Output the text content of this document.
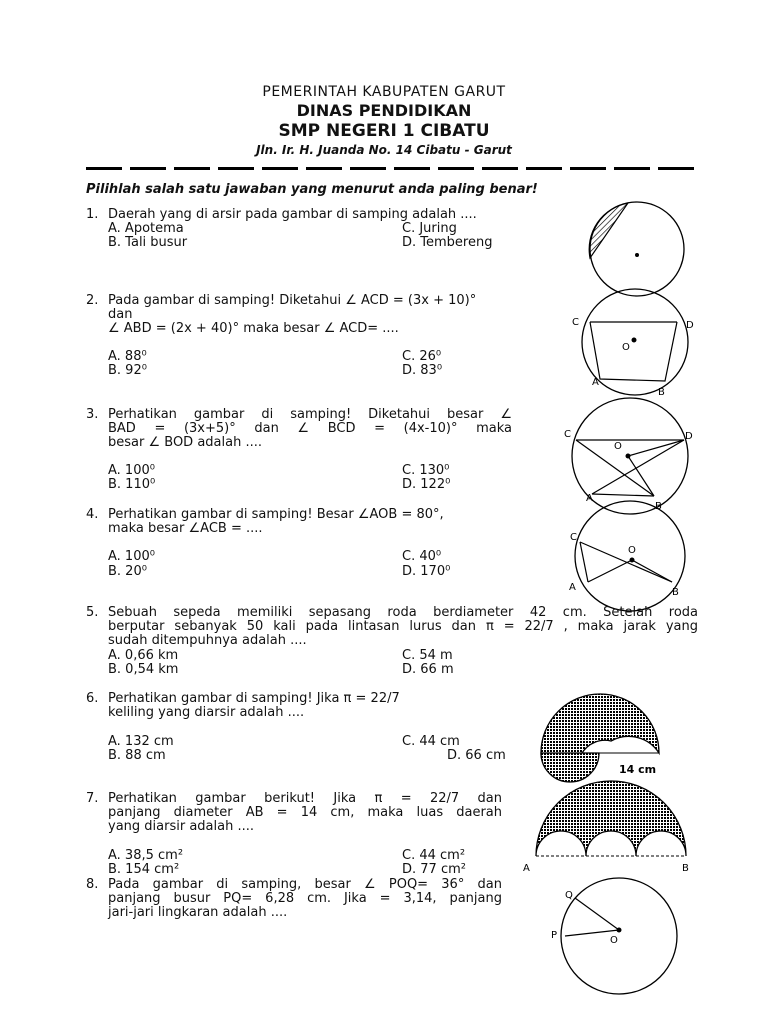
PEMERINTAH KABUPATEN GARUT
DINAS PENDIDIKAN
SMP NEGERI 1 CIBATU
Jln. Ir. H. Juanda No. 14 Cibatu - Garut
Pilihlah salah satu jawaban yang menurut anda paling benar!
1. Daerah yang di arsir pada gambar di samping adalah ....
A. Apotema	C. Juring
B. Tali busur	D. Tembereng
2. Pada gambar di samping! Diketahui ∠ ACD = (3x + 10)°
dan
∠ ABD = (2x + 40)° maka besar ∠ ACD= ....
A. 88⁰	C. 26⁰
B. 92⁰	D. 83⁰
C	D
O
A
B
3. Perhatikan gambar di samping! Diketahui besar ∠
BAD = (3x+5)° dan ∠ BCD = (4x-10)° maka
besar ∠ BOD adalah ....
A. 100⁰	C. 130⁰
B. 110⁰	D. 122⁰
C	D
O
A
B
4. Perhatikan gambar di samping! Besar ∠AOB = 80°,
maka besar ∠ACB = ....
A. 100⁰	C. 40⁰
B. 20⁰	D. 170⁰
C
O
A	B
5. Sebuah sepeda memiliki sepasang roda berdiameter 42 cm. Setelah roda
berputar sebanyak 50 kali pada lintasan lurus dan π = 22/7 , maka jarak yang
sudah ditempuhnya adalah ....
A. 0,66 km	C. 54 m
B. 0,54 km	D. 66 m
6. Perhatikan gambar di samping! Jika π = 22/7
keliling yang diarsir adalah ....
A. 132 cm	C. 44 cm
B. 88 cm	D. 66 cm
14 cm
7. Perhatikan gambar berikut! Jika π = 22/7 dan
panjang diameter AB = 14 cm, maka luas daerah
yang diarsir adalah ....
A. 38,5 cm²	C. 44 cm²
B. 154 cm²	D. 77 cm²	A	B
8. Pada gambar di samping, besar ∠ POQ= 36° dan
panjang busur PQ= 6,28 cm. Jika = 3,14, panjang
jari-jari lingkaran adalah ....
Q
P	O
